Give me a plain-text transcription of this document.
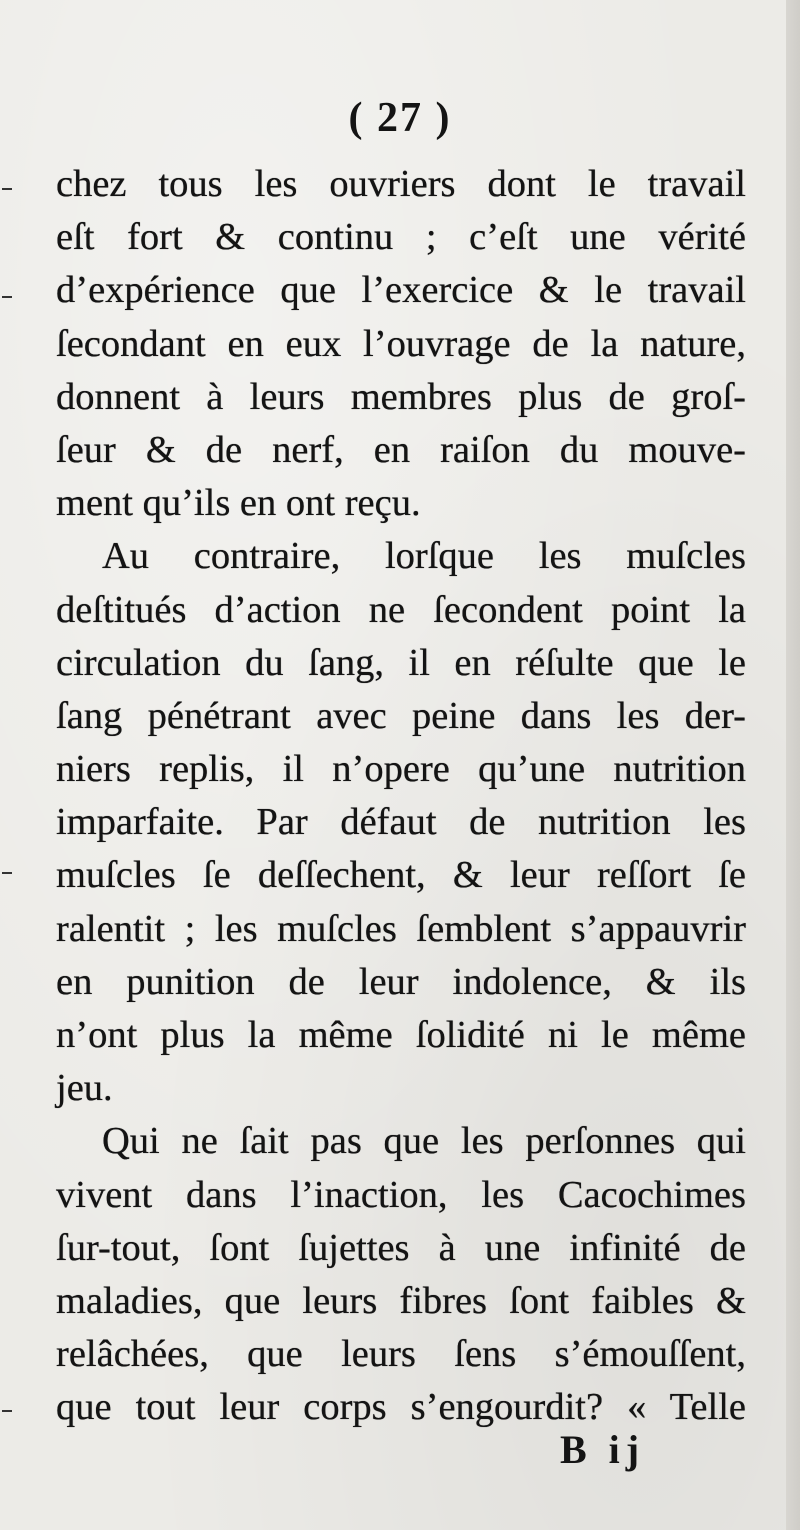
( 27 )
chez tous les ouvriers dont le travail
eſt fort & continu ; c’eſt une vérité
d’expérience que l’exercice & le travail
ſecondant en eux l’ouvrage de la nature,
donnent à leurs membres plus de groſ-
ſeur & de nerf, en raiſon du mouve-
ment qu’ils en ont reçu.
Au contraire, lorſque les muſcles
deſtitués d’action ne ſecondent point la
circulation du ſang, il en réſulte que le
ſang pénétrant avec peine dans les der-
niers replis, il n’opere qu’une nutrition
imparfaite. Par défaut de nutrition les
muſcles ſe deſſechent, & leur reſſort ſe
ralentit ; les muſcles ſemblent s’appauvrir
en punition de leur indolence, & ils
n’ont plus la même ſolidité ni le même
jeu.
Qui ne ſait pas que les perſonnes qui
vivent dans l’inaction, les Cacochimes
ſur-tout, ſont ſujettes à une infinité de
maladies, que leurs fibres ſont faibles &
relâchées, que leurs ſens s’émouſſent,
que tout leur corps s’engourdit? « Telle
B ij
